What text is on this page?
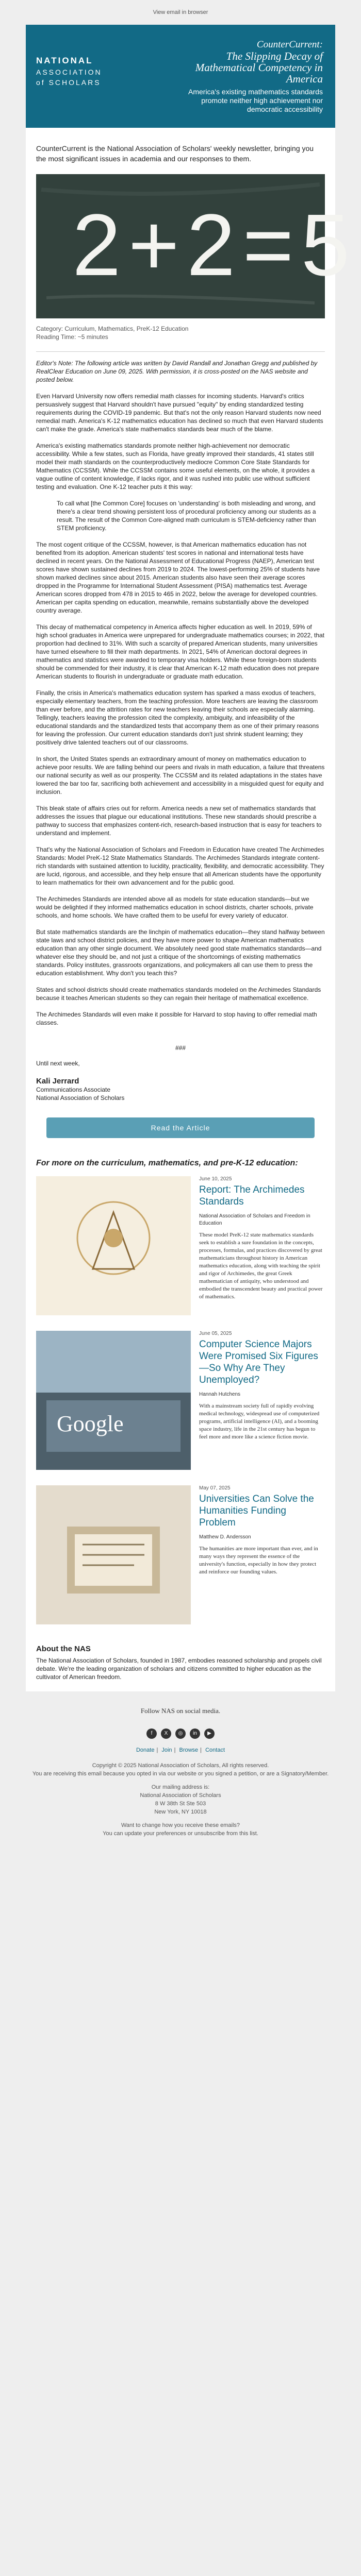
View email in browser
NATIONAL
ASSOCIATION
of SCHOLARS
CounterCurrent:
The Slipping Decay of Mathematical Competency in America
America's existing mathematics standards promote neither high achievement nor democratic accessibility
CounterCurrent is the National Association of Scholars' weekly newsletter, bringing you the most significant issues in academia and our responses to them.
2+2=5
Category: Curriculum, Mathematics, PreK-12 Education
Reading Time: ~5 minutes

Editor's Note: The following article was written by David Randall and Jonathan Gregg and published by RealClear Education on June 09, 2025. With permission, it is cross-posted on the NAS website and posted below.

Even Harvard University now offers remedial math classes for incoming students. Harvard's critics persuasively suggest that Harvard shouldn't have pursued "equity" by ending standardized testing requirements during the COVID-19 pandemic. But that's not the only reason Harvard students now need remedial math. America's K-12 mathematics education has declined so much that even Harvard students can't make the grade. America's state mathematics standards bear much of the blame.

America's existing mathematics standards promote neither high-achievement nor democratic accessibility. While a few states, such as Florida, have greatly improved their standards, 41 states still model their math standards on the counterproductively mediocre Common Core State Standards for Mathematics (CCSSM). While the CCSSM contains some useful elements, on the whole, it provides a vague outline of content knowledge, if lacks rigor, and it was rushed into public use without sufficient testing and evaluation. One K-12 teacher puts it this way:

To call what [the Common Core] focuses on 'understanding' is both misleading and wrong, and there's a clear trend showing persistent loss of procedural proficiency among our students as a result. The result of the Common Core-aligned math curriculum is STEM-deficiency rather than STEM proficiency.

The most cogent critique of the CCSSM, however, is that American mathematics education has not benefited from its adoption. American students' test scores in national and international tests have declined in recent years. On the National Assessment of Educational Progress (NAEP), American test scores have shown sustained declines from 2019 to 2024. The lowest-performing 25% of students have shown marked declines since about 2015. American students also have seen their average scores dropped in the Programme for International Student Assessment (PISA) mathematics test. Average American scores dropped from 478 in 2015 to 465 in 2022, below the average for developed countries. American per capita spending on education, meanwhile, remains substantially above the developed country average.

This decay of mathematical competency in America affects higher education as well. In 2019, 59% of high school graduates in America were unprepared for undergraduate mathematics courses; in 2022, that proportion had declined to 31%. With such a scarcity of prepared American students, many universities have turned elsewhere to fill their math departments. In 2021, 54% of American doctoral degrees in mathematics and statistics were awarded to temporary visa holders. While these foreign-born students should be commended for their industry, it is clear that American K-12 math education does not prepare American students to flourish in undergraduate or graduate math education.

Finally, the crisis in America's mathematics education system has sparked a mass exodus of teachers, especially elementary teachers, from the teaching profession. More teachers are leaving the classroom than ever before, and the attrition rates for new teachers leaving their schools are especially alarming. Tellingly, teachers leaving the profession cited the complexity, ambiguity, and infeasibility of the educational standards and the standardized tests that accompany them as one of their primary reasons for leaving the profession. Our current education standards don't just shrink student learning; they positively drive talented teachers out of our classrooms.

In short, the United States spends an extraordinary amount of money on mathematics education to achieve poor results. We are falling behind our peers and rivals in math education, a failure that threatens our national security as well as our prosperity. The CCSSM and its related adaptations in the states have lowered the bar too far, sacrificing both achievement and accessibility in a misguided quest for equity and inclusion.

This bleak state of affairs cries out for reform. America needs a new set of mathematics standards that addresses the issues that plague our educational institutions. These new standards should prescribe a pathway to success that emphasizes content-rich, research-based instruction that is easy for teachers to understand and implement.

That's why the National Association of Scholars and Freedom in Education have created The Archimedes Standards: Model PreK-12 State Mathematics Standards. The Archimedes Standards integrate content-rich standards with sustained attention to lucidity, practicality, flexibility, and democratic accessibility. They are lucid, rigorous, and accessible, and they help ensure that all American students have the opportunity to learn mathematics for their own advancement and for the public good.

The Archimedes Standards are intended above all as models for state education standards—but we would be delighted if they informed mathematics education in school districts, charter schools, private schools, and home schools. We have crafted them to be useful for every variety of educator.

But state mathematics standards are the linchpin of mathematics education—they stand halfway between state laws and school district policies, and they have more power to shape American mathematics education than any other single document. We absolutely need good state mathematics standards—and whatever else they should be, and not just a critique of the shortcomings of existing mathematics standards. Policy institutes, grassroots organizations, and policymakers all can use them to press the education establishment. Why don't you teach this?

States and school districts should create mathematics standards modeled on the Archimedes Standards because it teaches American students so they can regain their heritage of mathematical excellence.

The Archimedes Standards will even make it possible for Harvard to stop having to offer remedial math classes.

###
Until next week,
Kali Jerrard
Communications Associate
National Association of Scholars
Read the Article
For more on the curriculum, mathematics, and pre-K-12 education:
June 10, 2025
Report: The Archimedes Standards
National Association of Scholars and Freedom in Education
These model PreK-12 state mathematics standards seek to establish a sure foundation in the concepts, processes, formulas, and practices discovered by great mathematicians throughout history in American mathematics education, along with teaching the spirit and rigor of Archimedes, the great Greek mathematician of antiquity, who understood and embodied the transcendent beauty and practical power of mathematics.
Google
June 05, 2025
Computer Science Majors Were Promised Six Figures—So Why Are They Unemployed?
Hannah Hutchens
With a mainstream society full of rapidly evolving medical technology, widespread use of computerized programs, artificial intelligence (AI), and a booming space industry, life in the 21st century has begun to feel more and more like a science fiction movie.
May 07, 2025
Universities Can Solve the Humanities Funding Problem
Matthew D. Andersson
The humanities are more important than ever, and in many ways they represent the essence of the university's function, especially in how they protect and reinforce our founding values.
About the NAS
The National Association of Scholars, founded in 1987, embodies reasoned scholarship and propels civil debate. We're the leading organization of scholars and citizens committed to higher education as the cultivator of American freedom.
Follow NAS on social media.
f	X	◎	in	▶
Donate | Join | Browse | Contact
Copyright © 2025 National Association of Scholars, All rights reserved.
You are receiving this email because you opted in via our website or you signed a petition, or are a Signatory/Member.
Our mailing address is:
National Association of Scholars
8 W 38th St Ste 503
New York, NY 10018
Want to change how you receive these emails?
You can update your preferences or unsubscribe from this list.
